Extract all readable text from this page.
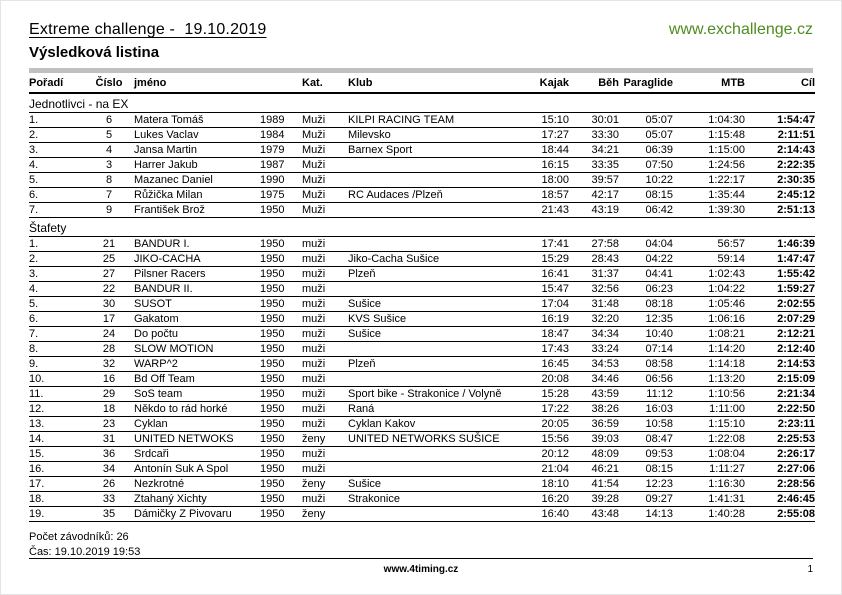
Extreme challenge -  19.10.2019	www.exchallenge.cz
Výsledková listina
Pořadí	Číslo	jméno		Kat.	Klub	Kajak	Běh	Paraglide	MTB	Cíl
Jednotlivci - na EX										
1.	6	Matera Tomáš	1989	Muži	KILPI RACING TEAM	15:10	30:01	05:07	1:04:30	1:54:47
2.	5	Lukes Vaclav	1984	Muži	Milevsko	17:27	33:30	05:07	1:15:48	2:11:51
3.	4	Jansa Martin	1979	Muži	Barnex Sport	18:44	34:21	06:39	1:15:00	2:14:43
4.	3	Harrer Jakub	1987	Muži		16:15	33:35	07:50	1:24:56	2:22:35
5.	8	Mazanec Daniel	1990	Muži		18:00	39:57	10:22	1:22:17	2:30:35
6.	7	Růžička Milan	1975	Muži	RC Audaces /Plzeň	18:57	42:17	08:15	1:35:44	2:45:12
7.	9	František Brož	1950	Muži		21:43	43:19	06:42	1:39:30	2:51:13
Štafety										
1.	21	BANDUR I.	1950	muži		17:41	27:58	04:04	56:57	1:46:39
2.	25	JIKO-CACHA	1950	muži	Jiko-Cacha Sušice	15:29	28:43	04:22	59:14	1:47:47
3.	27	Pilsner Racers	1950	muži	Plzeň	16:41	31:37	04:41	1:02:43	1:55:42
4.	22	BANDUR II.	1950	muži		15:47	32:56	06:23	1:04:22	1:59:27
5.	30	SUSOT	1950	muži	Sušice	17:04	31:48	08:18	1:05:46	2:02:55
6.	17	Gakatom	1950	muži	KVS Sušice	16:19	32:20	12:35	1:06:16	2:07:29
7.	24	Do počtu	1950	muži	Sušice	18:47	34:34	10:40	1:08:21	2:12:21
8.	28	SLOW MOTION	1950	muži		17:43	33:24	07:14	1:14:20	2:12:40
9.	32	WARP^2	1950	muži	Plzeň	16:45	34:53	08:58	1:14:18	2:14:53
10.	16	Bd Off Team	1950	muži		20:08	34:46	06:56	1:13:20	2:15:09
11.	29	SoS team	1950	muži	Sport bike - Strakonice / Volyně	15:28	43:59	11:12	1:10:56	2:21:34
12.	18	Někdo to rád horké	1950	muži	Raná	17:22	38:26	16:03	1:11:00	2:22:50
13.	23	Cyklan	1950	muži	Cyklan Kakov	20:05	36:59	10:58	1:15:10	2:23:11
14.	31	UNITED NETWOKS	1950	ženy	UNITED NETWORKS SUŠICE	15:56	39:03	08:47	1:22:08	2:25:53
15.	36	Srdcaři	1950	muži		20:12	48:09	09:53	1:08:04	2:26:17
16.	34	Antonín Suk A Spol	1950	muži		21:04	46:21	08:15	1:11:27	2:27:06
17.	26	Nezkrotné	1950	ženy	Sušice	18:10	41:54	12:23	1:16:30	2:28:56
18.	33	Ztahaný Xichty	1950	muži	Strakonice	16:20	39:28	09:27	1:41:31	2:46:45
19.	35	Dámičky Z Pivovaru	1950	ženy		16:40	43:48	14:13	1:40:28	2:55:08
Počet závodníků: 26
Čas: 19.10.2019 19:53
www.4timing.cz	1
